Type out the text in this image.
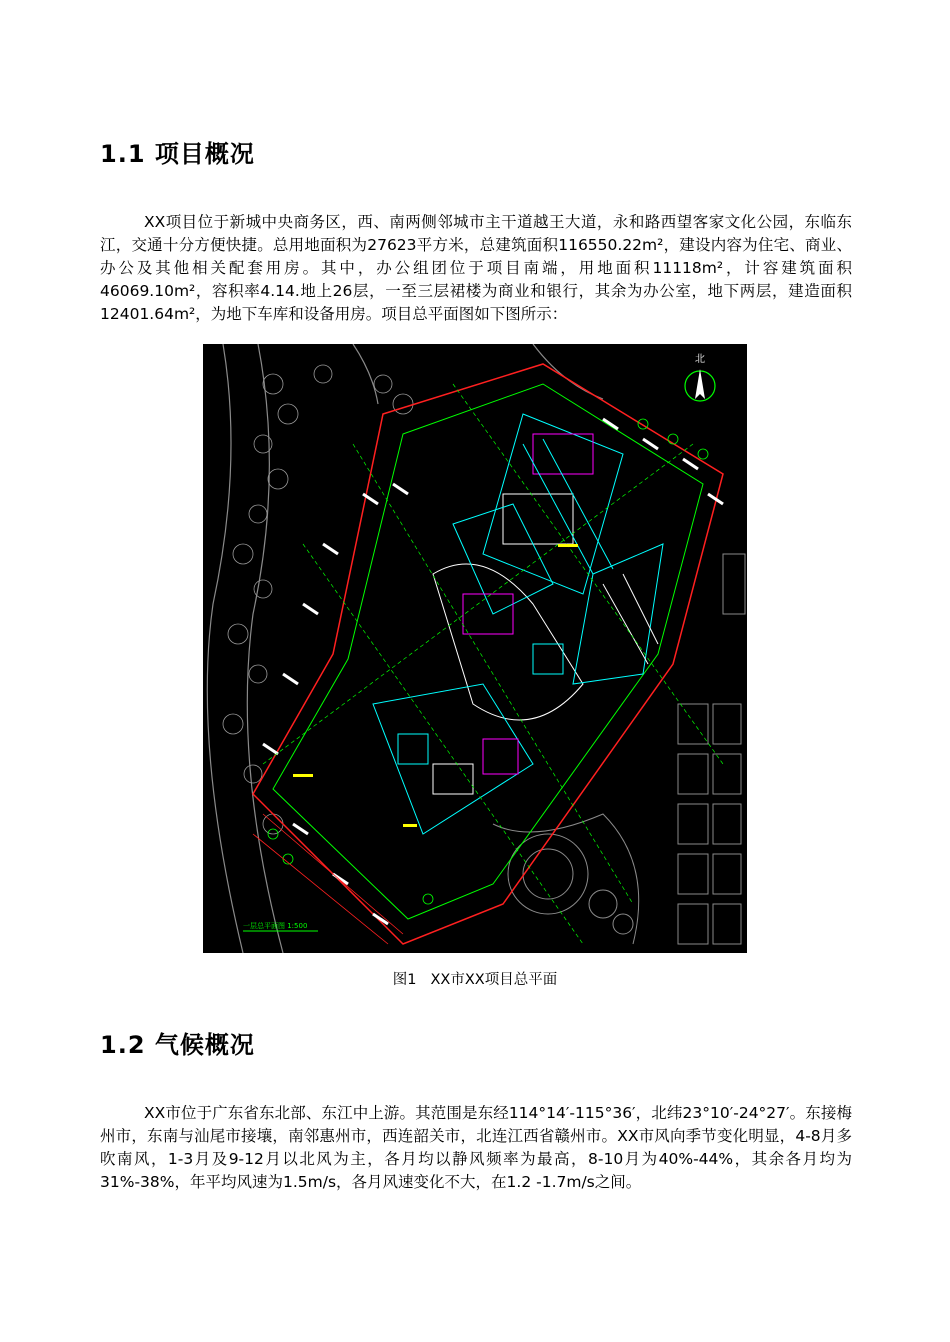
1.1 项目概况

XX项目位于新城中央商务区，西、南两侧邻城市主干道越王大道，永和路西望客家文化公园，东临东江，交通十分方便快捷。总用地面积为27623平方米，总建筑面积116550.22m²，建设内容为住宅、商业、办公及其他相关配套用房。其中，办公组团位于项目南端，用地面积11118m²，计容建筑面积46069.10m²，容积率4.14.地上26层，一至三层裙楼为商业和银行，其余为办公室，地下两层，建造面积12401.64m²，为地下车库和设备用房。项目总平面图如下图所示：

北
一层总平面图 1:500

图1 XX市XX项目总平面

1.2 气候概况

XX市位于广东省东北部、东江中上游。其范围是东经114°14′-115°36′，北纬23°10′-24°27′。东接梅州市，东南与汕尾市接壤，南邻惠州市，西连韶关市，北连江西省赣州市。XX市风向季节变化明显，4-8月多吹南风，1-3月及9-12月以北风为主，各月均以静风频率为最高，8-10月为40%-44%，其余各月均为31%-38%，年平均风速为1.5m/s，各月风速变化不大，在1.2 -1.7m/s之间。
